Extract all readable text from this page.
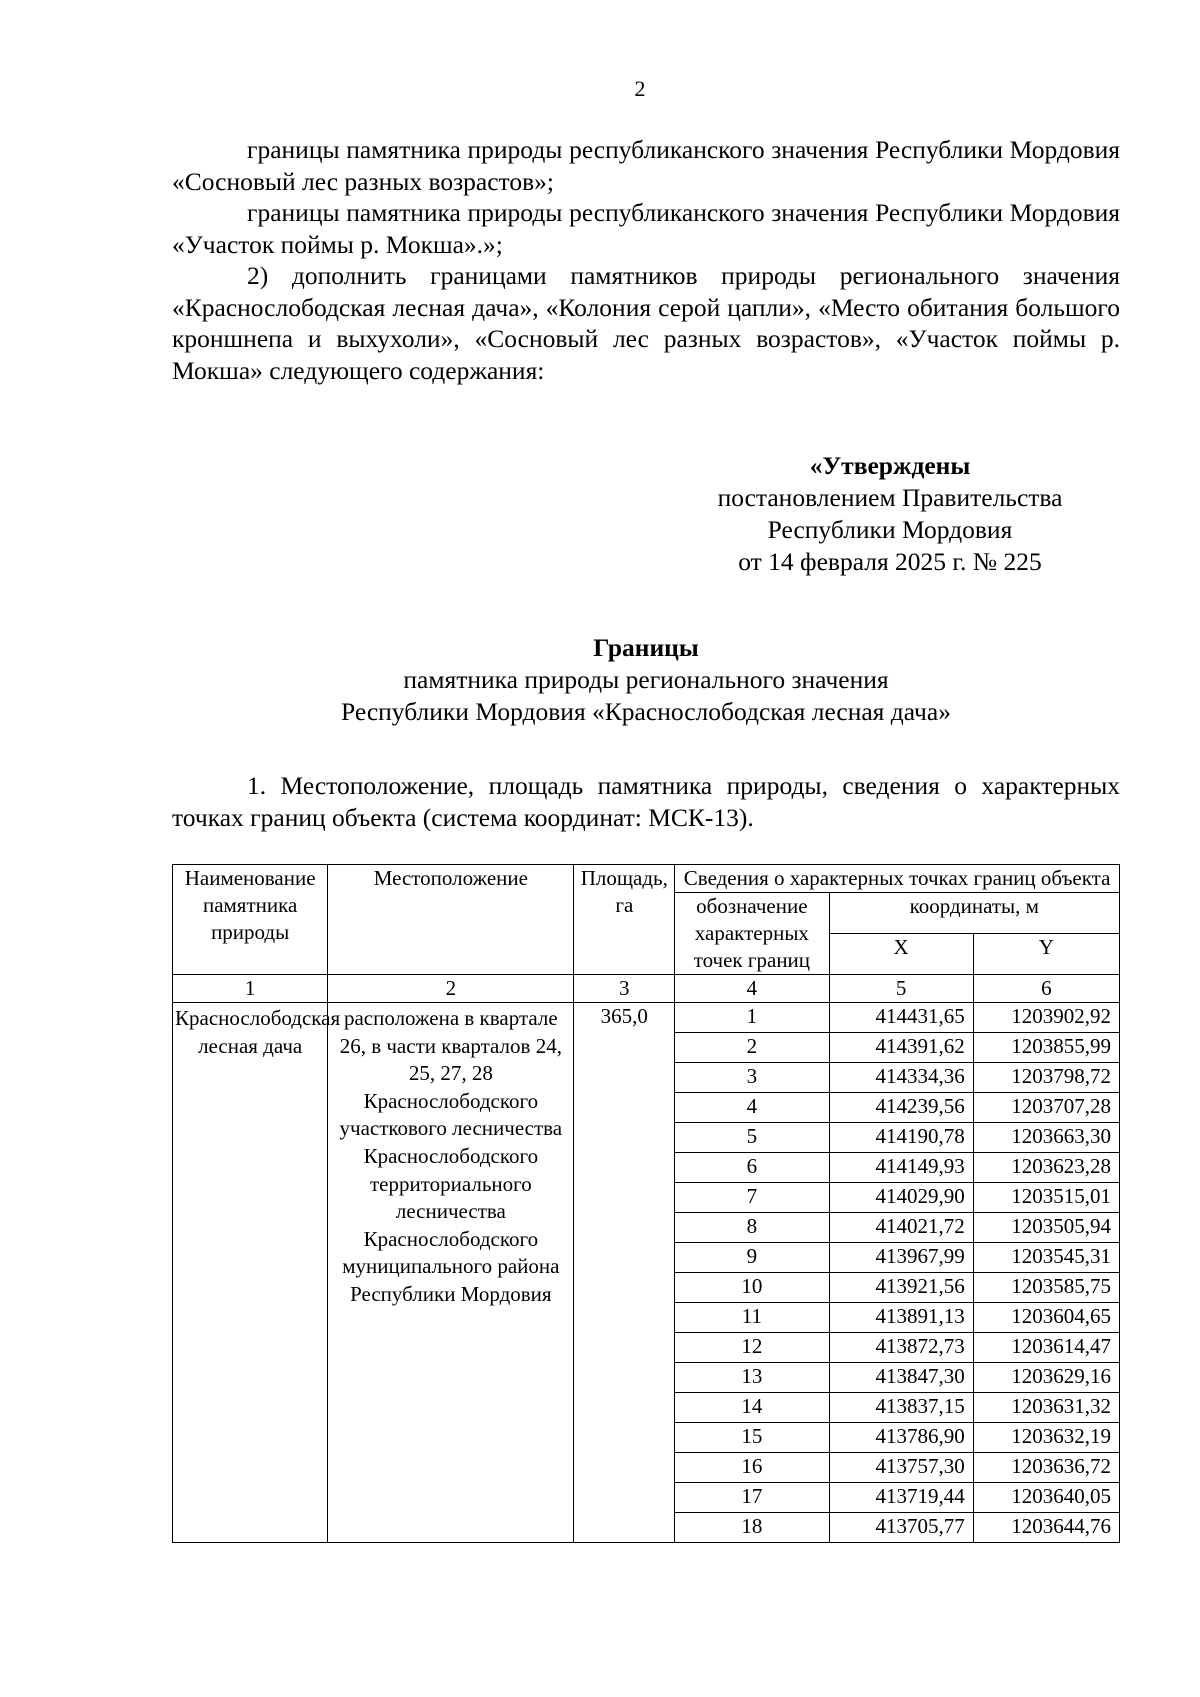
2

границы памятника природы республиканского значения Республики Мордовия «Сосновый лес разных возрастов»;

границы памятника природы республиканского значения Республики Мордовия «Участок поймы р. Мокша».»;

2) дополнить границами памятников природы регионального значения «Краснослободская лесная дача», «Колония серой цапли», «Место обитания большого кроншнепа и выхухоли», «Сосновый лес разных возрастов», «Участок поймы р. Мокша» следующего содержания:

«Утверждены
постановлением Правительства
Республики Мордовия
от 14 февраля 2025 г. № 225
Границы
памятника природы регионального значения
Республики Мордовия «Краснослободская лесная дача»

1. Местоположение, площадь памятника природы, сведения о характерных точках границ объекта (система координат: МСК-13).

Наименование памятника природы	Местоположение	Площадь, га	Сведения о характерных точках границ объекта		
			обозначение характерных точек границ	координаты, м	
				X	Y
1	2	3	4	5	6
Краснослободская лесная дача	расположена в квартале 26, в части кварталов 24, 25, 27, 28 Краснослободского участкового лесничества Краснослободского территориального лесничества Краснослободского муниципального района Республики Мордовия	365,0	1	414431,65	1203902,92
			2	414391,62	1203855,99
			3	414334,36	1203798,72
			4	414239,56	1203707,28
			5	414190,78	1203663,30
			6	414149,93	1203623,28
			7	414029,90	1203515,01
			8	414021,72	1203505,94
			9	413967,99	1203545,31
			10	413921,56	1203585,75
			11	413891,13	1203604,65
			12	413872,73	1203614,47
			13	413847,30	1203629,16
			14	413837,15	1203631,32
			15	413786,90	1203632,19
			16	413757,30	1203636,72
			17	413719,44	1203640,05
			18	413705,77	1203644,76
